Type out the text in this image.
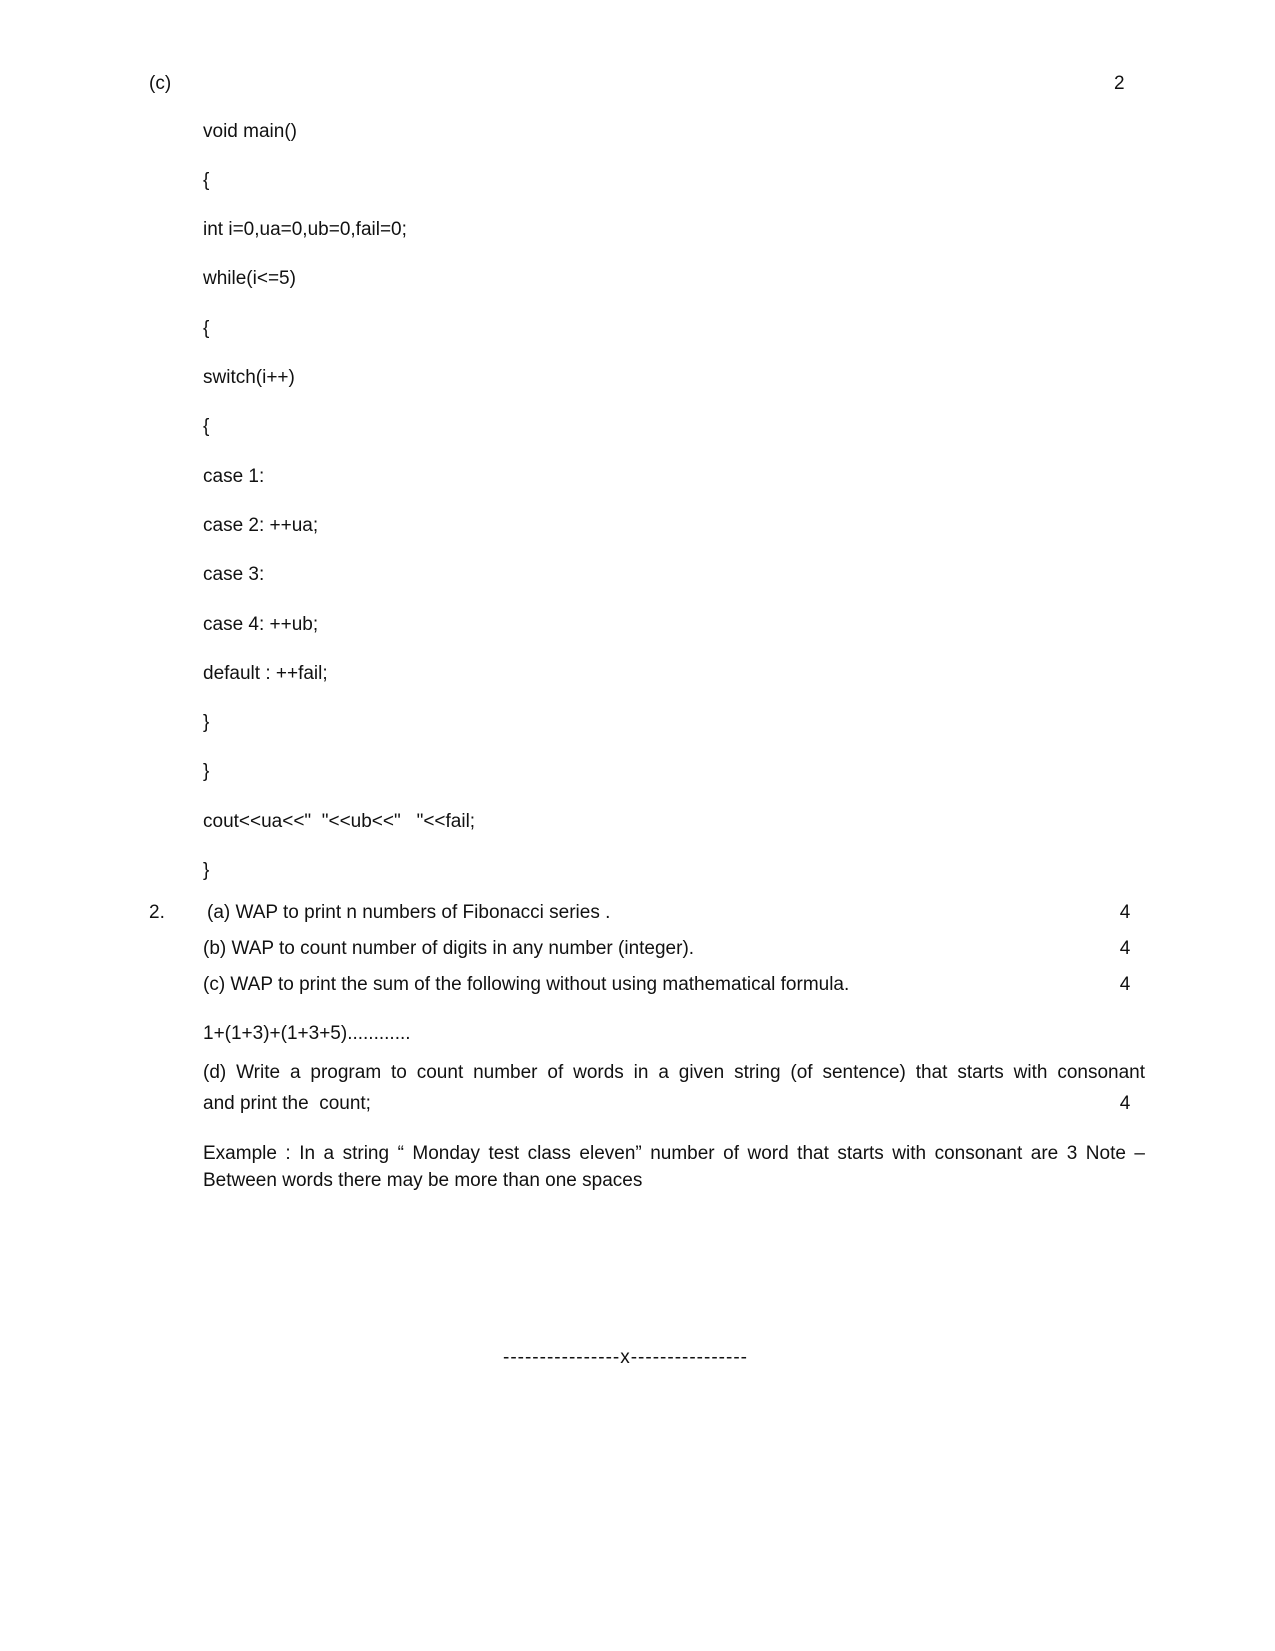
(c)	2
void main()
{
int i=0,ua=0,ub=0,fail=0;
while(i<=5)
{
switch(i++)
{
case 1:
case 2: ++ua;
case 3:
case 4: ++ub;
default : ++fail;
}
}
cout<<ua<<"  "<<ub<<"   "<<fail;
}
2. (a) WAP to print n numbers of Fibonacci series .	4
(b) WAP to count number of digits in any number (integer).	4
(c) WAP to print the sum of the following without using mathematical formula.	4
1+(1+3)+(1+3+5)............
(d) Write a program to count number of words in a given string (of sentence) that starts with consonant
and print the  count;	4
Example : In a string “ Monday test class eleven” number of word that starts with consonant are 3 Note –
Between words there may be more than one spaces
----------------x----------------
